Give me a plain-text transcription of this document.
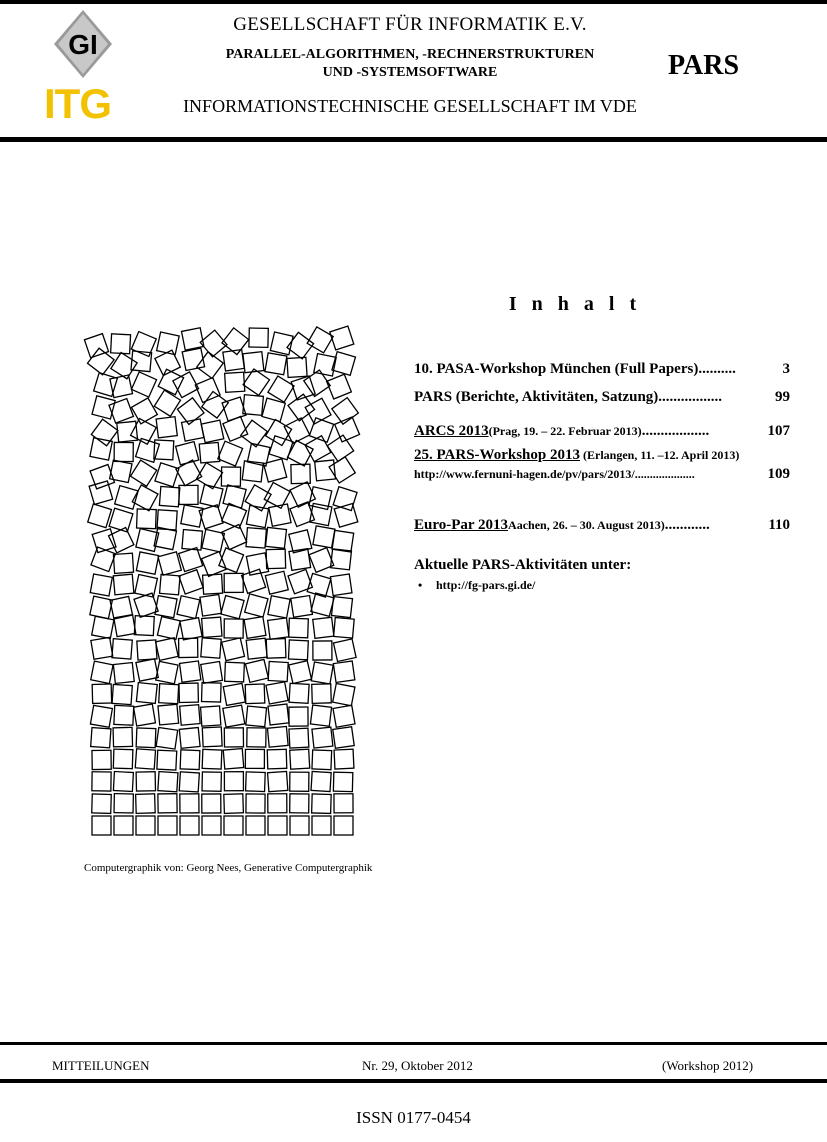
GI
ITG
GESELLSCHAFT FÜR INFORMATIK E.V.
PARALLEL-ALGORITHMEN, -RECHNERSTRUKTUREN
UND -SYSTEMSOFTWARE
INFORMATIONSTECHNISCHE GESELLSCHAFT IM VDE
PARS
Computergraphik von: Georg Nees, Generative Computergraphik
I n h a l t
10. PASA-Workshop München (Full Papers) ..........	3
PARS (Berichte, Aktivitäten, Satzung) .................	99
ARCS 2013 (Prag, 19. – 22. Februar 2013) ..................	107
25. PARS-Workshop 2013 (Erlangen, 11. –12. April 2013)
http://www.fernuni-hagen.de/pv/pars/2013/ ....................	109
Euro-Par 2013 Aachen, 26. – 30. August 2013) ............	110
Aktuelle PARS-Aktivitäten unter:
• http://fg-pars.gi.de/
MITTEILUNGEN	Nr. 29, Oktober 2012	(Workshop 2012)
ISSN 0177-0454
